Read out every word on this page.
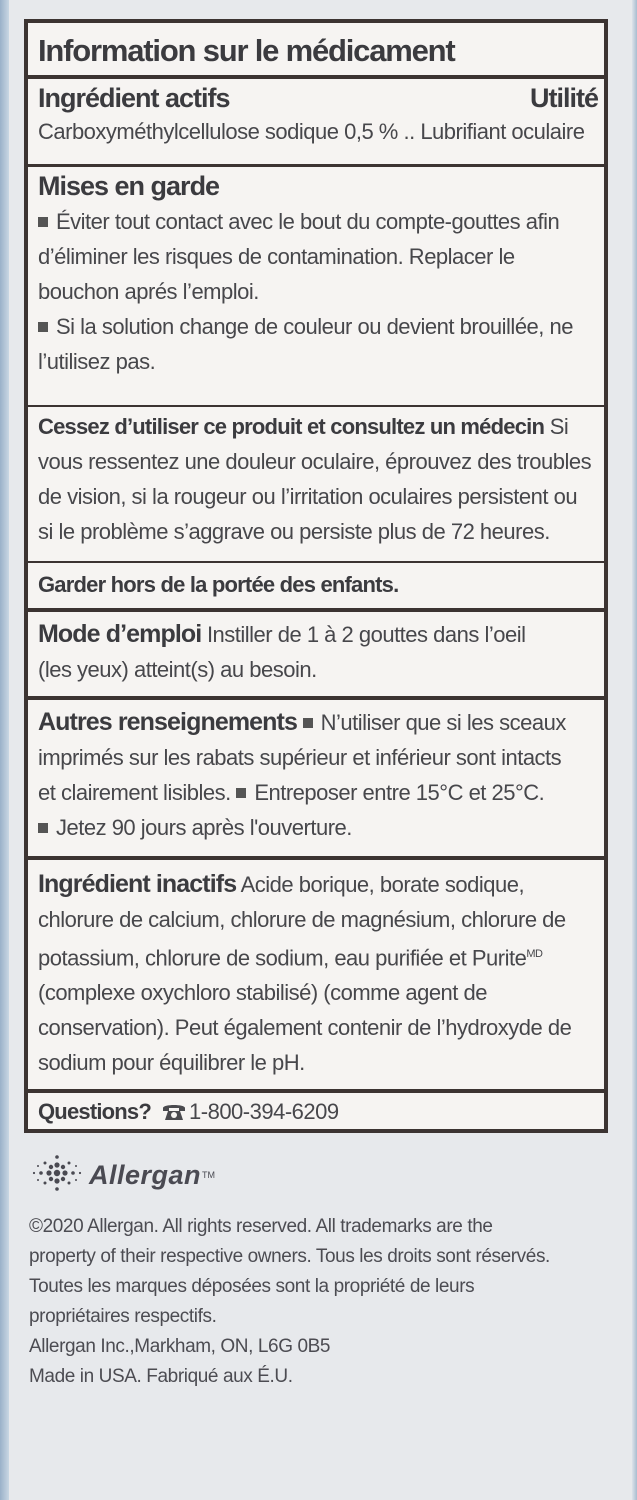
Information sur le médicament
Ingrédient actifs	Utilité
Carboxyméthylcellulose sodique 0,5 % .. Lubrifiant oculaire
Mises en garde
Éviter tout contact avec le bout du compte-gouttes afin
d’éliminer les risques de contamination. Replacer le
bouchon aprés l’emploi.
Si la solution change de couleur ou devient brouillée, ne
l’utilisez pas.
Cessez d’utiliser ce produit et consultez un médecin Si
vous ressentez une douleur oculaire, éprouvez des troubles
de vision, si la rougeur ou l’irritation oculaires persistent ou
si le problème s’aggrave ou persiste plus de 72 heures.
Garder hors de la portée des enfants.
Mode d’emploi Instiller de 1 à 2 gouttes dans l’oeil
(les yeux) atteint(s) au besoin.
Autres renseignements N’utiliser que si les sceaux
imprimés sur les rabats supérieur et inférieur sont intacts
et clairement lisibles. Entreposer entre 15°C et 25°C.
Jetez 90 jours après l'ouverture.
Ingrédient inactifs Acide borique, borate sodique,
chlorure de calcium, chlorure de magnésium, chlorure de
potassium, chlorure de sodium, eau purifiée et Purite$^{MD}$
(complexe oxychloro stabilisé) (comme agent de
conservation). Peut également contenir de l’hydroxyde de
sodium pour équilibrer le pH.
Questions? 1-800-394-6209
Allergan TM
©2020 Allergan. All rights reserved. All trademarks are the
property of their respective owners. Tous les droits sont réservés.
Toutes les marques déposées sont la propriété de leurs
propriétaires respectifs.
Allergan Inc.,Markham, ON, L6G 0B5
Made in USA. Fabriqué aux É.U.
